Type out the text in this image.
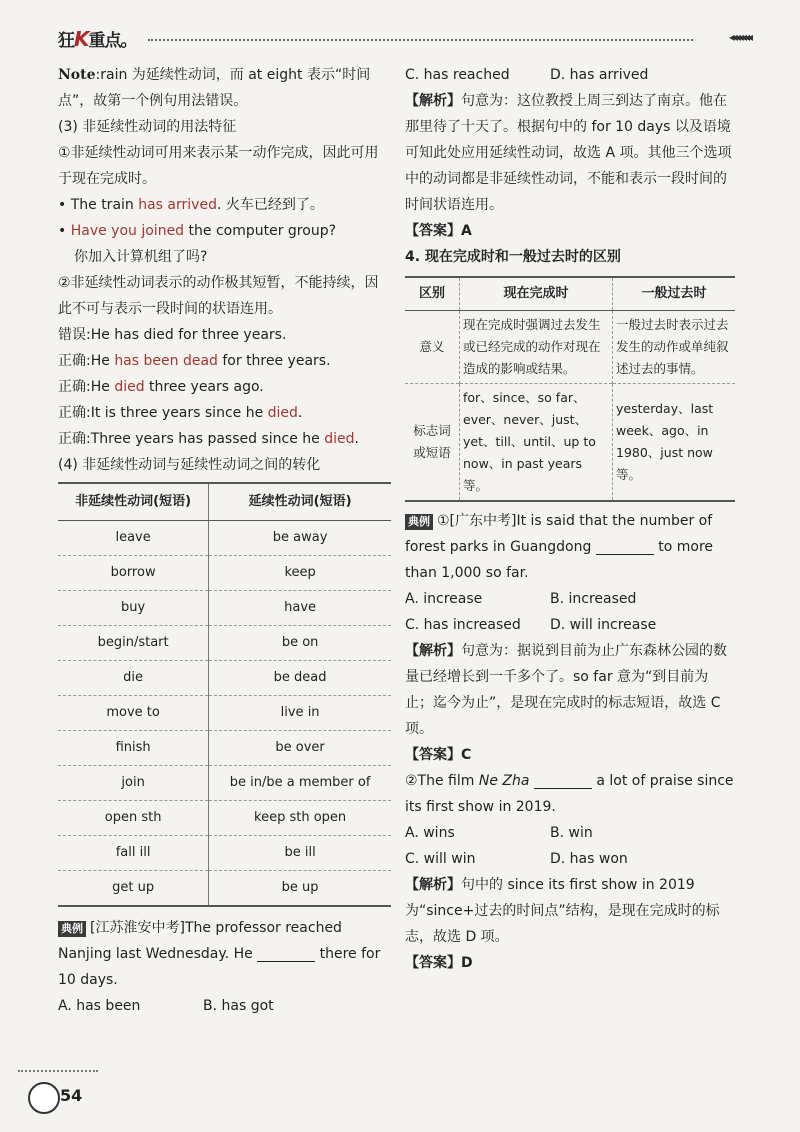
狂K重点。	◂◂◂◂◂◂◂

Note:rain 为延续性动词，而 at eight 表示“时间点”，故第一个例句用法错误。

(3) 非延续性动词的用法特征

①非延续性动词可用来表示某一动作完成，因此可用于现在完成时。

• The train has arrived. 火车已经到了。

• Have you joined the computer group?

你加入计算机组了吗?

②非延续性动词表示的动作极其短暂，不能持续，因此不可与表示一段时间的状语连用。

错误:He has died for three years.

正确:He has been dead for three years.

正确:He died three years ago.

正确:It is three years since he died.

正确:Three years has passed since he died.

(4) 非延续性动词与延续性动词之间的转化

非延续性动词(短语)	延续性动词(短语)
leave	be away
borrow	keep
buy	have
begin/start	be on
die	be dead
move to	live in
finish	be over
join	be in/be a member of
open sth	keep sth open
fall ill	be ill
get up	be up

典例 [江苏淮安中考]The professor reached Nanjing last Wednesday. He	there for 10 days.

A. has been	B. has got
C. has reached	D. has arrived

【解析】句意为：这位教授上周三到达了南京。他在那里待了十天了。根据句中的 for 10 days 以及语境可知此处应用延续性动词，故选 A 项。其他三个选项中的动词都是非延续性动词，不能和表示一段时间的时间状语连用。

【答案】A

4. 现在完成时和一般过去时的区别

区别	现在完成时	一般过去时
意义	现在完成时强调过去发生或已经完成的动作对现在造成的影响或结果。	一般过去时表示过去发生的动作或单纯叙述过去的事情。
标志词或短语	for、since、so far、ever、never、just、yet、till、until、up to now、in past years 等。	yesterday、last week、ago、in 1980、just now 等。

典例 ①[广东中考]It is said that the number of forest parks in Guangdong	to more than 1,000 so far.

A. increase	B. increased
C. has increased	D. will increase

【解析】句意为：据说到目前为止广东森林公园的数量已经增长到一千多个了。so far 意为“到目前为止；迄今为止”，是现在完成时的标志短语，故选 C 项。

【答案】C

②The film Ne Zha	a lot of praise since its first show in 2019.

A. wins	B. win
C. will win	D. has won

【解析】句中的 since its first show in 2019 为“since+过去的时间点”结构，是现在完成时的标志，故选 D 项。

【答案】D

54
